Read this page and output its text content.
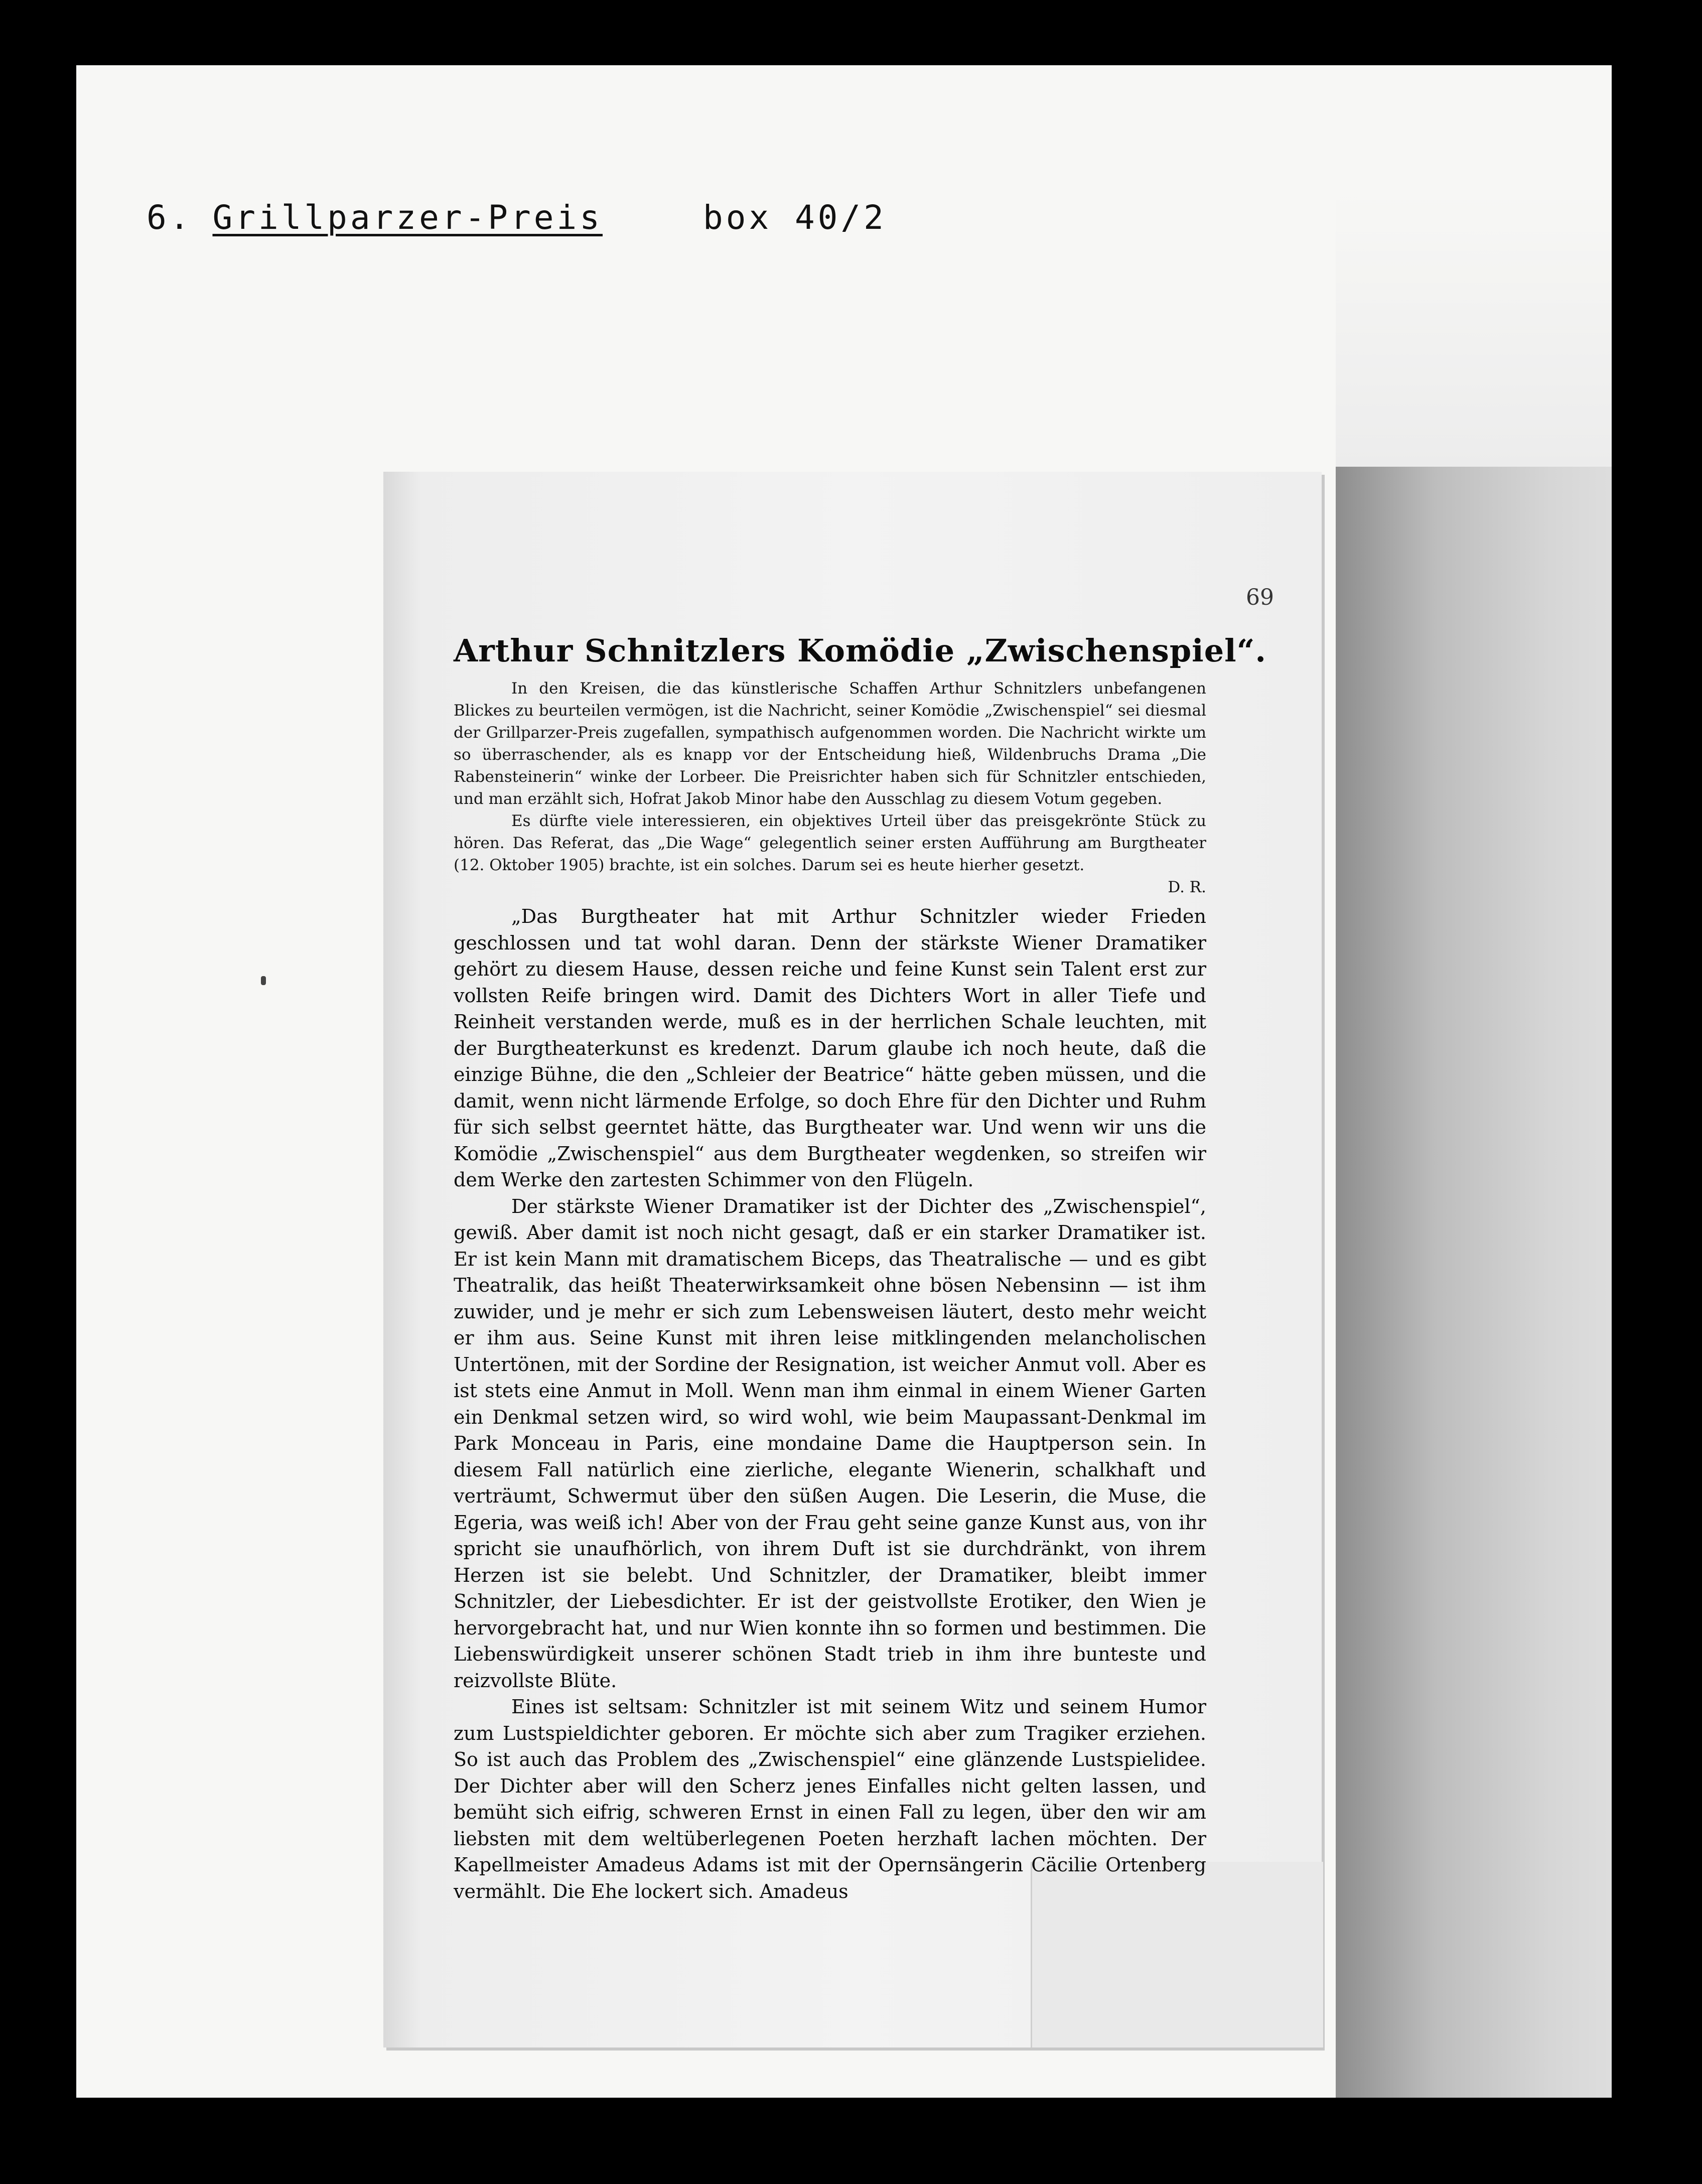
6. Grillparzer-Preis	box 40/2
69
Arthur Schnitzlers Komödie „Zwischenspiel“.

In den Kreisen, die das künstlerische Schaffen Arthur Schnitzlers unbefangenen Blickes zu beurteilen vermögen, ist die Nachricht, seiner Komödie „Zwischenspiel“ sei diesmal der Grillparzer-Preis zugefallen, sympathisch aufgenommen worden. Die Nachricht wirkte um so überraschender, als es knapp vor der Entscheidung hieß, Wildenbruchs Drama „Die Rabensteinerin“ winke der Lorbeer. Die Preisrichter haben sich für Schnitzler entschieden, und man erzählt sich, Hofrat Jakob Minor habe den Ausschlag zu diesem Votum gegeben.

Es dürfte viele interessieren, ein objektives Urteil über das preisgekrönte Stück zu hören. Das Referat, das „Die Wage“ gelegentlich seiner ersten Aufführung am Burgtheater (12. Oktober 1905) brachte, ist ein solches. Darum sei es heute hierher gesetzt.

D. R.

„Das Burgtheater hat mit Arthur Schnitzler wieder Frieden geschlossen und tat wohl daran. Denn der stärkste Wiener Dramatiker gehört zu diesem Hause, dessen reiche und feine Kunst sein Talent erst zur vollsten Reife bringen wird. Damit des Dichters Wort in aller Tiefe und Reinheit verstanden werde, muß es in der herrlichen Schale leuchten, mit der Burgtheaterkunst es kredenzt. Darum glaube ich noch heute, daß die einzige Bühne, die den „Schleier der Beatrice“ hätte geben müssen, und die damit, wenn nicht lärmende Erfolge, so doch Ehre für den Dichter und Ruhm für sich selbst geerntet hätte, das Burgtheater war. Und wenn wir uns die Komödie „Zwischenspiel“ aus dem Burgtheater wegdenken, so streifen wir dem Werke den zartesten Schimmer von den Flügeln.

Der stärkste Wiener Dramatiker ist der Dichter des „Zwischenspiel“, gewiß. Aber damit ist noch nicht gesagt, daß er ein starker Dramatiker ist. Er ist kein Mann mit dramatischem Biceps, das Theatralische — und es gibt Theatralik, das heißt Theaterwirksamkeit ohne bösen Nebensinn — ist ihm zuwider, und je mehr er sich zum Lebensweisen läutert, desto mehr weicht er ihm aus. Seine Kunst mit ihren leise mitklingenden melancholischen Untertönen, mit der Sordine der Resignation, ist weicher Anmut voll. Aber es ist stets eine Anmut in Moll. Wenn man ihm einmal in einem Wiener Garten ein Denkmal setzen wird, so wird wohl, wie beim Maupassant-Denkmal im Park Monceau in Paris, eine mondaine Dame die Hauptperson sein. In diesem Fall natürlich eine zierliche, elegante Wienerin, schalkhaft und verträumt, Schwermut über den süßen Augen. Die Leserin, die Muse, die Egeria, was weiß ich! Aber von der Frau geht seine ganze Kunst aus, von ihr spricht sie unaufhörlich, von ihrem Duft ist sie durchdränkt, von ihrem Herzen ist sie belebt. Und Schnitzler, der Dramatiker, bleibt immer Schnitzler, der Liebesdichter. Er ist der geistvollste Erotiker, den Wien je hervorgebracht hat, und nur Wien konnte ihn so formen und bestimmen. Die Liebenswürdigkeit unserer schönen Stadt trieb in ihm ihre bunteste und reizvollste Blüte.

Eines ist seltsam: Schnitzler ist mit seinem Witz und seinem Humor zum Lustspieldichter geboren. Er möchte sich aber zum Tragiker erziehen. So ist auch das Problem des „Zwischenspiel“ eine glänzende Lustspielidee. Der Dichter aber will den Scherz jenes Einfalles nicht gelten lassen, und bemüht sich eifrig, schweren Ernst in einen Fall zu legen, über den wir am liebsten mit dem weltüberlegenen Poeten herzhaft lachen möchten. Der Kapellmeister Amadeus Adams ist mit der Opernsängerin Cäcilie Ortenberg vermählt. Die Ehe lockert sich. Amadeus
